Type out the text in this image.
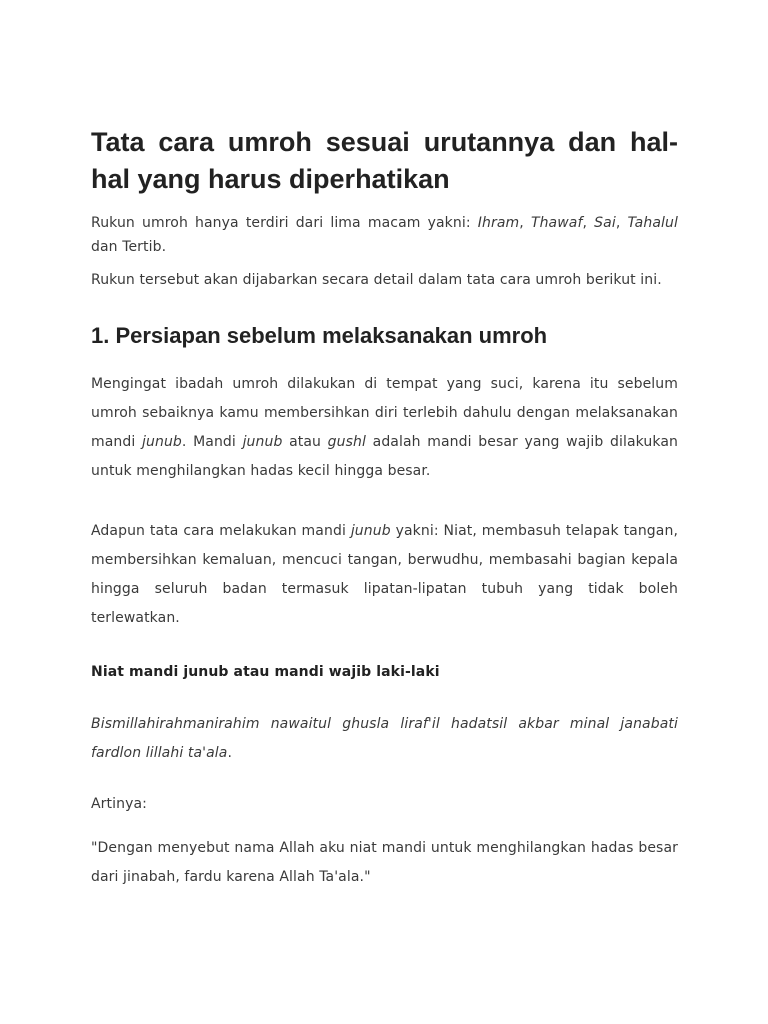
Tata cara umroh sesuai urutannya dan hal-hal yang harus diperhatikan

Rukun umroh hanya terdiri dari lima macam yakni: Ihram, Thawaf, Sai, Tahalul dan Tertib.

Rukun tersebut akan dijabarkan secara detail dalam tata cara umroh berikut ini.

1. Persiapan sebelum melaksanakan umroh

Mengingat ibadah umroh dilakukan di tempat yang suci, karena itu sebelum umroh sebaiknya kamu membersihkan diri terlebih dahulu dengan melaksanakan mandi junub. Mandi junub atau gushl adalah mandi besar yang wajib dilakukan untuk menghilangkan hadas kecil hingga besar.

Adapun tata cara melakukan mandi junub yakni: Niat, membasuh telapak tangan, membersihkan kemaluan, mencuci tangan, berwudhu, membasahi bagian kepala hingga seluruh badan termasuk lipatan-lipatan tubuh yang tidak boleh terlewatkan.

Niat mandi junub atau mandi wajib laki-laki

Bismillahirahmanirahim nawaitul ghusla liraf'il hadatsil akbar minal janabati fardlon lillahi ta'ala.

Artinya:

"Dengan menyebut nama Allah aku niat mandi untuk menghilangkan hadas besar dari jinabah, fardu karena Allah Ta'ala."
